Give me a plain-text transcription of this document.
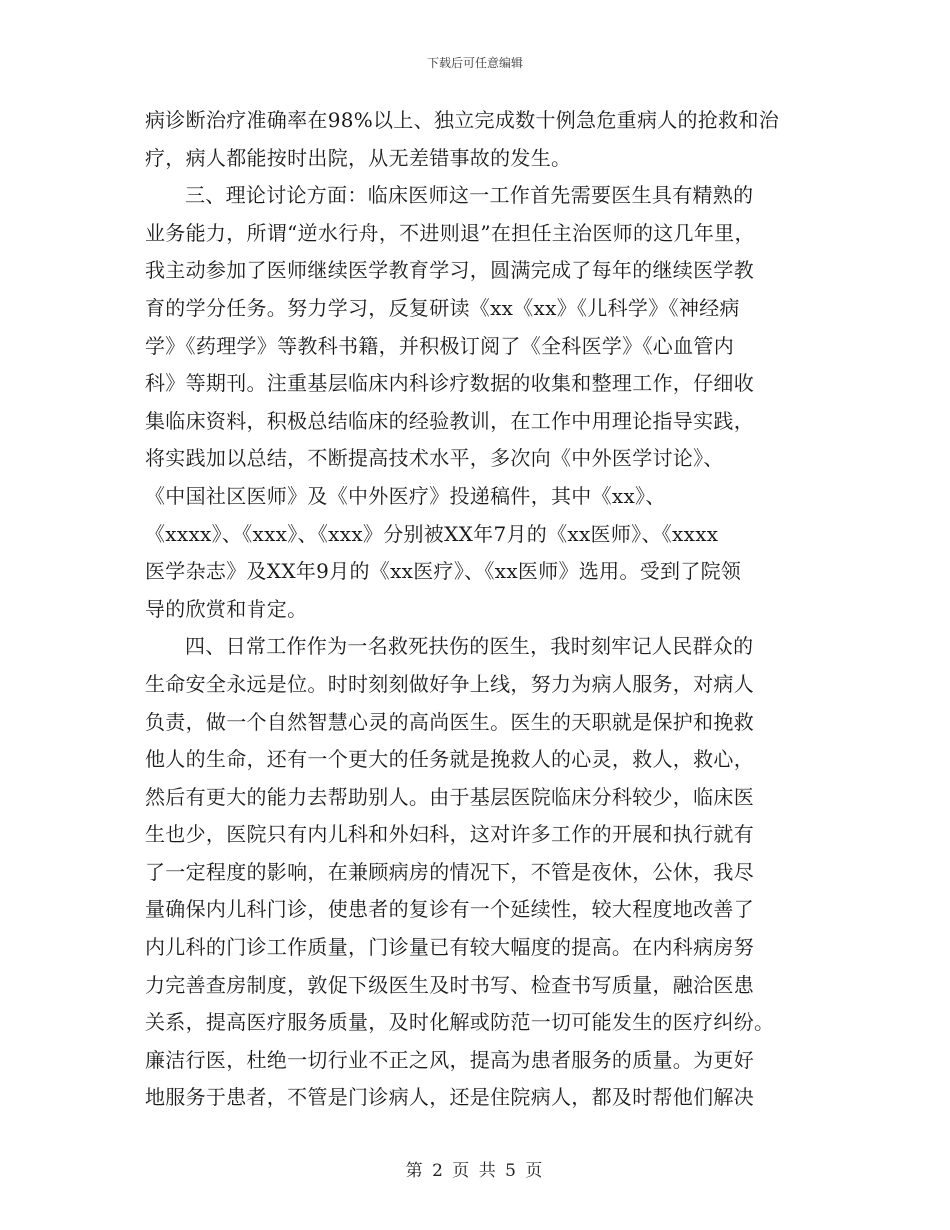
下载后可任意编辑
病诊断治疗准确率在98%以上、独立完成数十例急危重病人的抢救和治
疗，病人都能按时出院，从无差错事故的发生。
三、理论讨论方面：临床医师这一工作首先需要医生具有精熟的
业务能力，所谓“逆水行舟，不进则退”在担任主治医师的这几年里，
我主动参加了医师继续医学教育学习，圆满完成了每年的继续医学教
育的学分任务。努力学习，反复研读《xx《xx》《儿科学》《神经病
学》《药理学》等教科书籍，并积极订阅了《全科医学》《心血管内
科》等期刊。注重基层临床内科诊疗数据的收集和整理工作，仔细收
集临床资料，积极总结临床的经验教训，在工作中用理论指导实践，
将实践加以总结，不断提高技术水平，多次向《中外医学讨论》、
《中国社区医师》及《中外医疗》投递稿件，其中《xx》、
《xxxx》、《xxx》、《xxx》分别被XX年7月的《xx医师》、《xxxx
医学杂志》及XX年9月的《xx医疗》、《xx医师》选用。受到了院领
导的欣赏和肯定。
四、日常工作作为一名救死扶伤的医生，我时刻牢记人民群众的
生命安全永远是位。时时刻刻做好争上线，努力为病人服务，对病人
负责，做一个自然智慧心灵的高尚医生。医生的天职就是保护和挽救
他人的生命，还有一个更大的任务就是挽救人的心灵，救人，救心，
然后有更大的能力去帮助别人。由于基层医院临床分科较少，临床医
生也少，医院只有内儿科和外妇科，这对许多工作的开展和执行就有
了一定程度的影响，在兼顾病房的情况下，不管是夜休，公休，我尽
量确保内儿科门诊，使患者的复诊有一个延续性，较大程度地改善了
内儿科的门诊工作质量，门诊量已有较大幅度的提高。在内科病房努
力完善查房制度，敦促下级医生及时书写、检查书写质量，融洽医患
关系，提高医疗服务质量，及时化解或防范一切可能发生的医疗纠纷。
廉洁行医，杜绝一切行业不正之风，提高为患者服务的质量。为更好
地服务于患者，不管是门诊病人，还是住院病人，都及时帮他们解决
第 2 页 共 5 页
